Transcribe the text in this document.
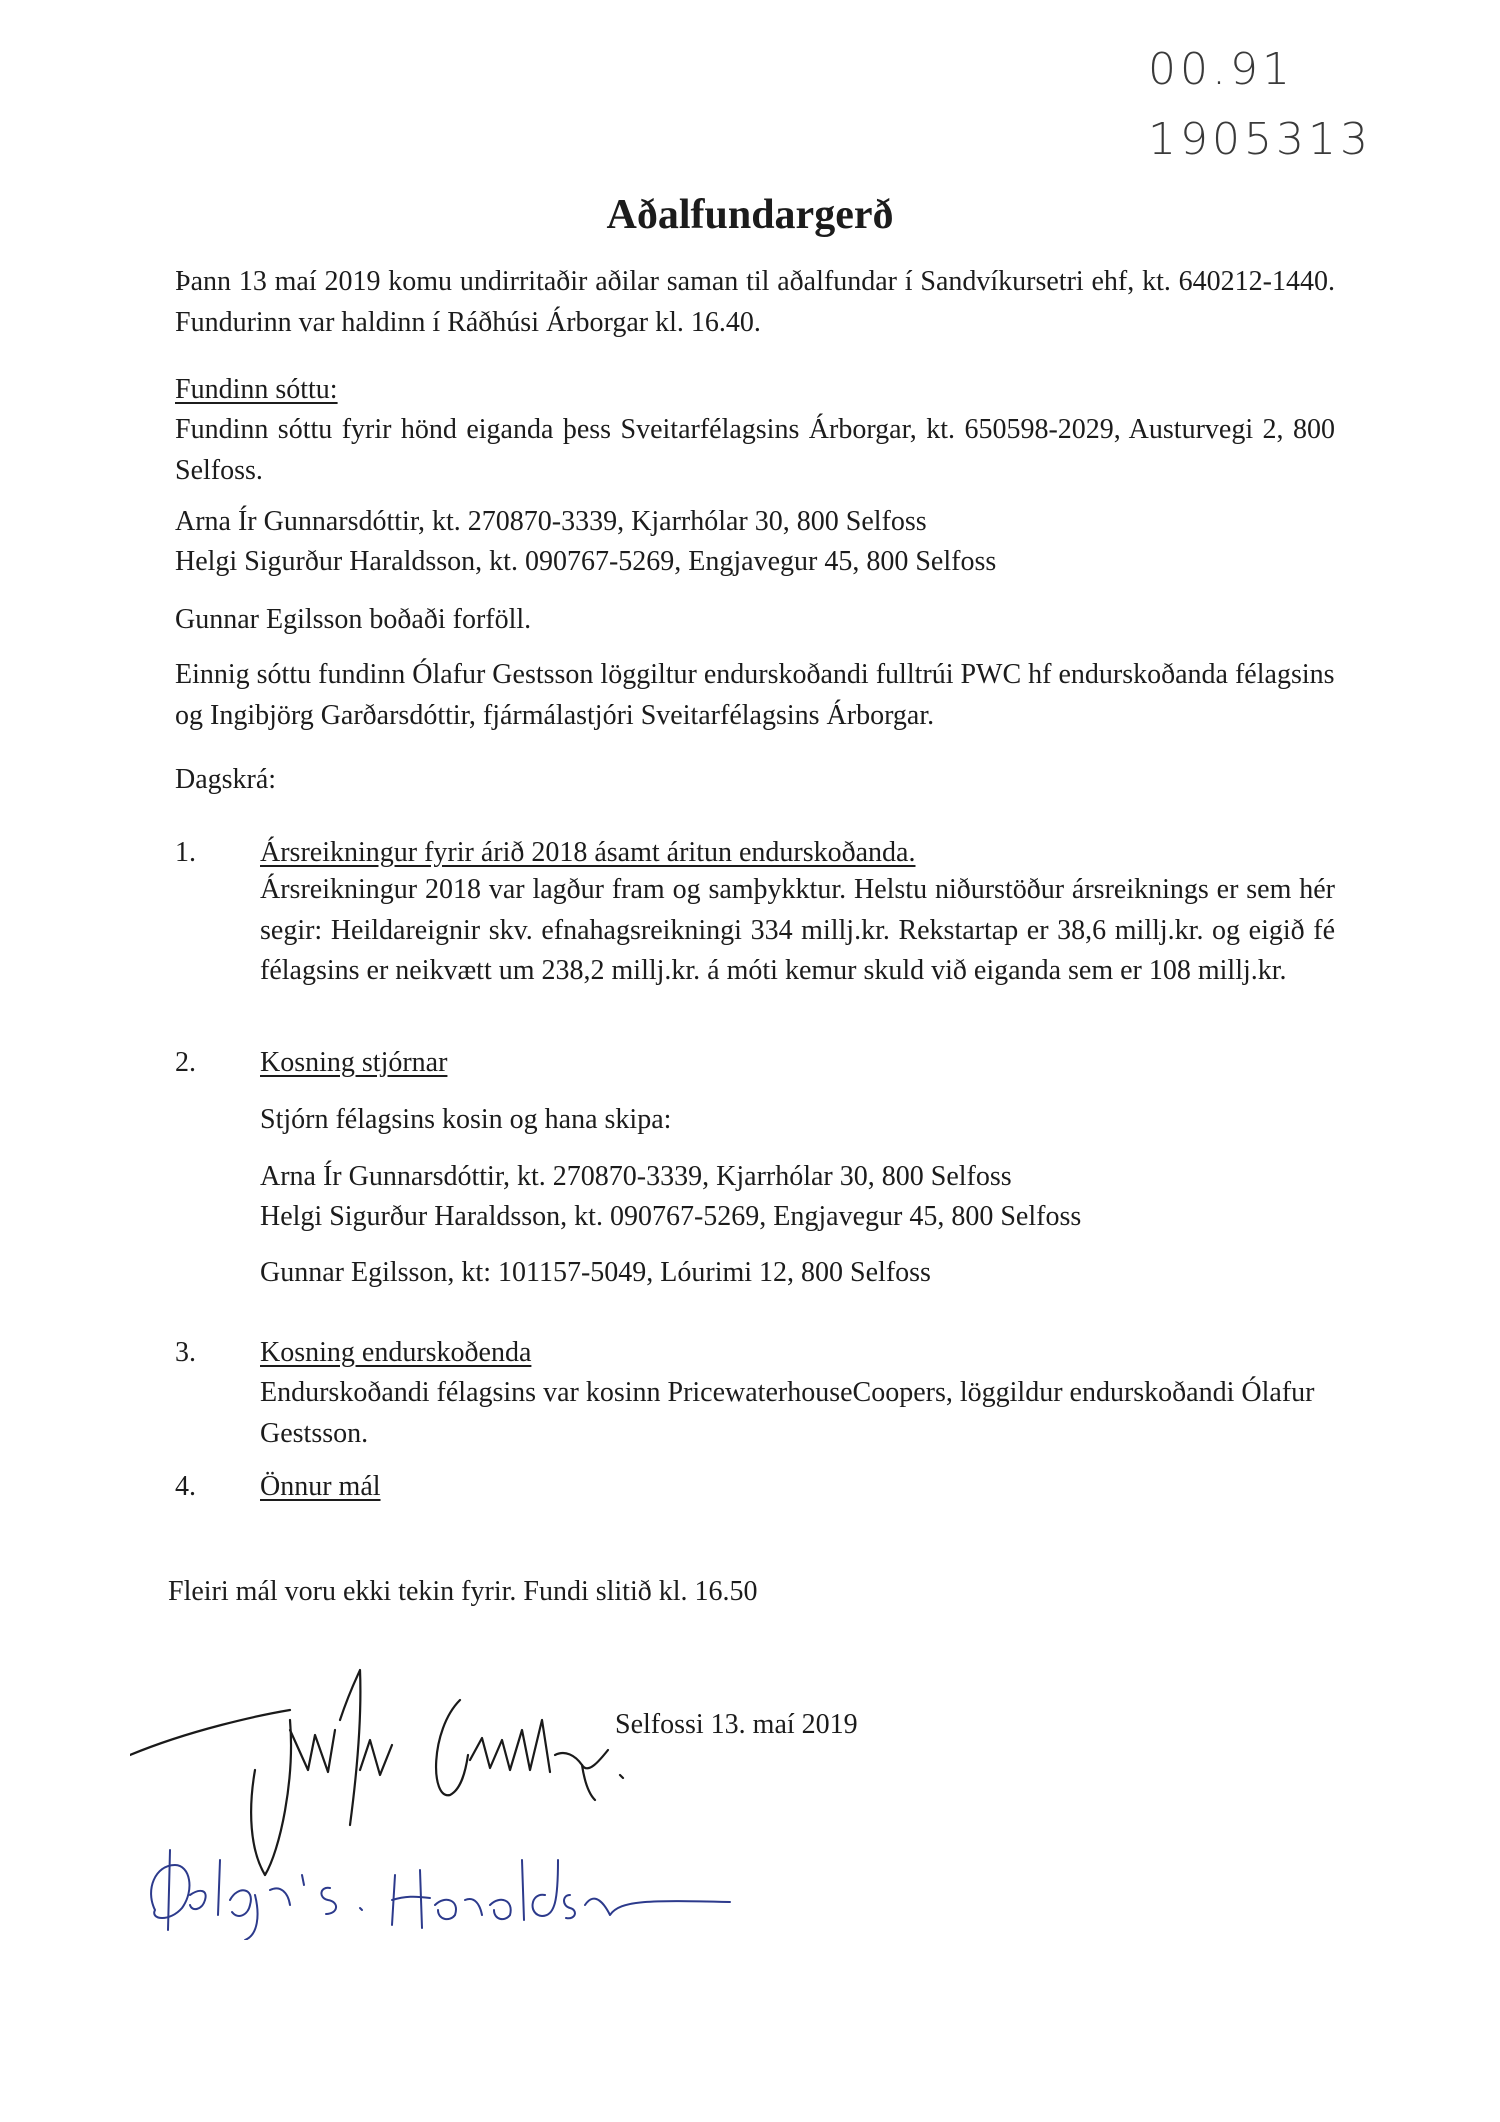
00.91
1905313
Aðalfundargerð
Þann 13 maí 2019 komu undirritaðir aðilar saman til aðalfundar í Sandvíkursetri ehf, kt. 640212-1440. Fundurinn var haldinn í Ráðhúsi Árborgar kl. 16.40.
Fundinn sóttu:
Fundinn sóttu fyrir hönd eiganda þess Sveitarfélagsins Árborgar, kt. 650598-2029, Austurvegi 2, 800 Selfoss.
Arna Ír Gunnarsdóttir, kt. 270870-3339, Kjarrhólar 30, 800 Selfoss
Helgi Sigurður Haraldsson, kt. 090767-5269, Engjavegur 45, 800 Selfoss
Gunnar Egilsson boðaði forföll.
Einnig sóttu fundinn Ólafur Gestsson löggiltur endurskoðandi fulltrúi PWC hf endurskoðanda félagsins og Ingibjörg Garðarsdóttir, fjármálastjóri Sveitarfélagsins Árborgar.
Dagskrá:
1. Ársreikningur fyrir árið 2018 ásamt áritun endurskoðanda.
Ársreikningur 2018 var lagður fram og samþykktur. Helstu niðurstöður ársreiknings er sem hér segir: Heildareignir skv. efnahagsreikningi 334 millj.kr. Rekstartap er 38,6 millj.kr. og eigið fé félagsins er neikvætt um 238,2 millj.kr. á móti kemur skuld við eiganda sem er 108 millj.kr.
2. Kosning stjórnar
Stjórn félagsins kosin og hana skipa:
Arna Ír Gunnarsdóttir, kt. 270870-3339, Kjarrhólar 30, 800 Selfoss
Helgi Sigurður Haraldsson, kt. 090767-5269, Engjavegur 45, 800 Selfoss
Gunnar Egilsson, kt: 101157-5049, Lóurimi 12, 800 Selfoss
3. Kosning endurskoðenda
Endurskoðandi félagsins var kosinn PricewaterhouseCoopers, löggildur endurskoðandi Ólafur Gestsson.
4. Önnur mál
Fleiri mál voru ekki tekin fyrir. Fundi slitið kl. 16.50
Selfossi 13. maí 2019
